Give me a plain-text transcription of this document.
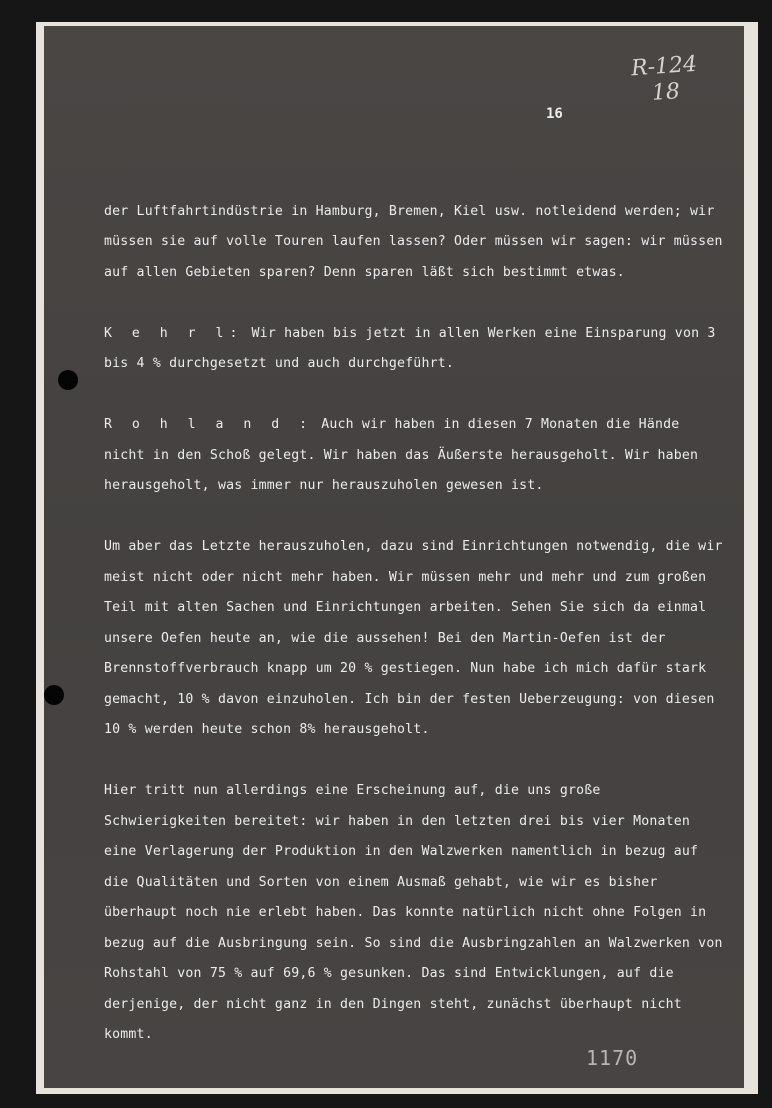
R-124
18
16

der Luftfahrtindüstrie in Hamburg, Bremen, Kiel usw. notleidend werden; wir müssen sie auf volle Touren laufen lassen? Oder müssen wir sagen: wir müssen auf allen Gebieten sparen? Denn sparen läßt sich bestimmt etwas.

K e h r l: Wir haben bis jetzt in allen Werken eine Einsparung von 3 bis 4 % durchgesetzt und auch durchgeführt.

R o h l a n d : Auch wir haben in diesen 7 Monaten die Hände nicht in den Schoß gelegt. Wir haben das Äußerste herausgeholt. Wir haben herausgeholt, was immer nur herauszuholen gewesen ist.

Um aber das Letzte herauszuholen, dazu sind Einrichtungen notwendig, die wir meist nicht oder nicht mehr haben. Wir müssen mehr und mehr und zum großen Teil mit alten Sachen und Einrichtungen arbeiten. Sehen Sie sich da einmal unsere Oefen heute an, wie die aussehen! Bei den Martin-Oefen ist der Brennstoffverbrauch knapp um 20 % gestiegen. Nun habe ich mich dafür stark gemacht, 10 % davon einzuholen. Ich bin der festen Ueberzeugung: von diesen 10 % werden heute schon 8% herausgeholt.

Hier tritt nun allerdings eine Erscheinung auf, die uns große Schwierigkeiten bereitet: wir haben in den letzten drei bis vier Monaten eine Verlagerung der Produktion in den Walzwerken namentlich in bezug auf die Qualitäten und Sorten von einem Ausmaß gehabt, wie wir es bisher überhaupt noch nie erlebt haben. Das konnte natürlich nicht ohne Folgen in bezug auf die Ausbringung sein. So sind die Ausbringzahlen an Walzwerken von Rohstahl von 75 % auf 69,6 % gesunken. Das sind Entwicklungen, auf die derjenige, der nicht ganz in den Dingen steht, zunächst überhaupt nicht kommt.

1170
